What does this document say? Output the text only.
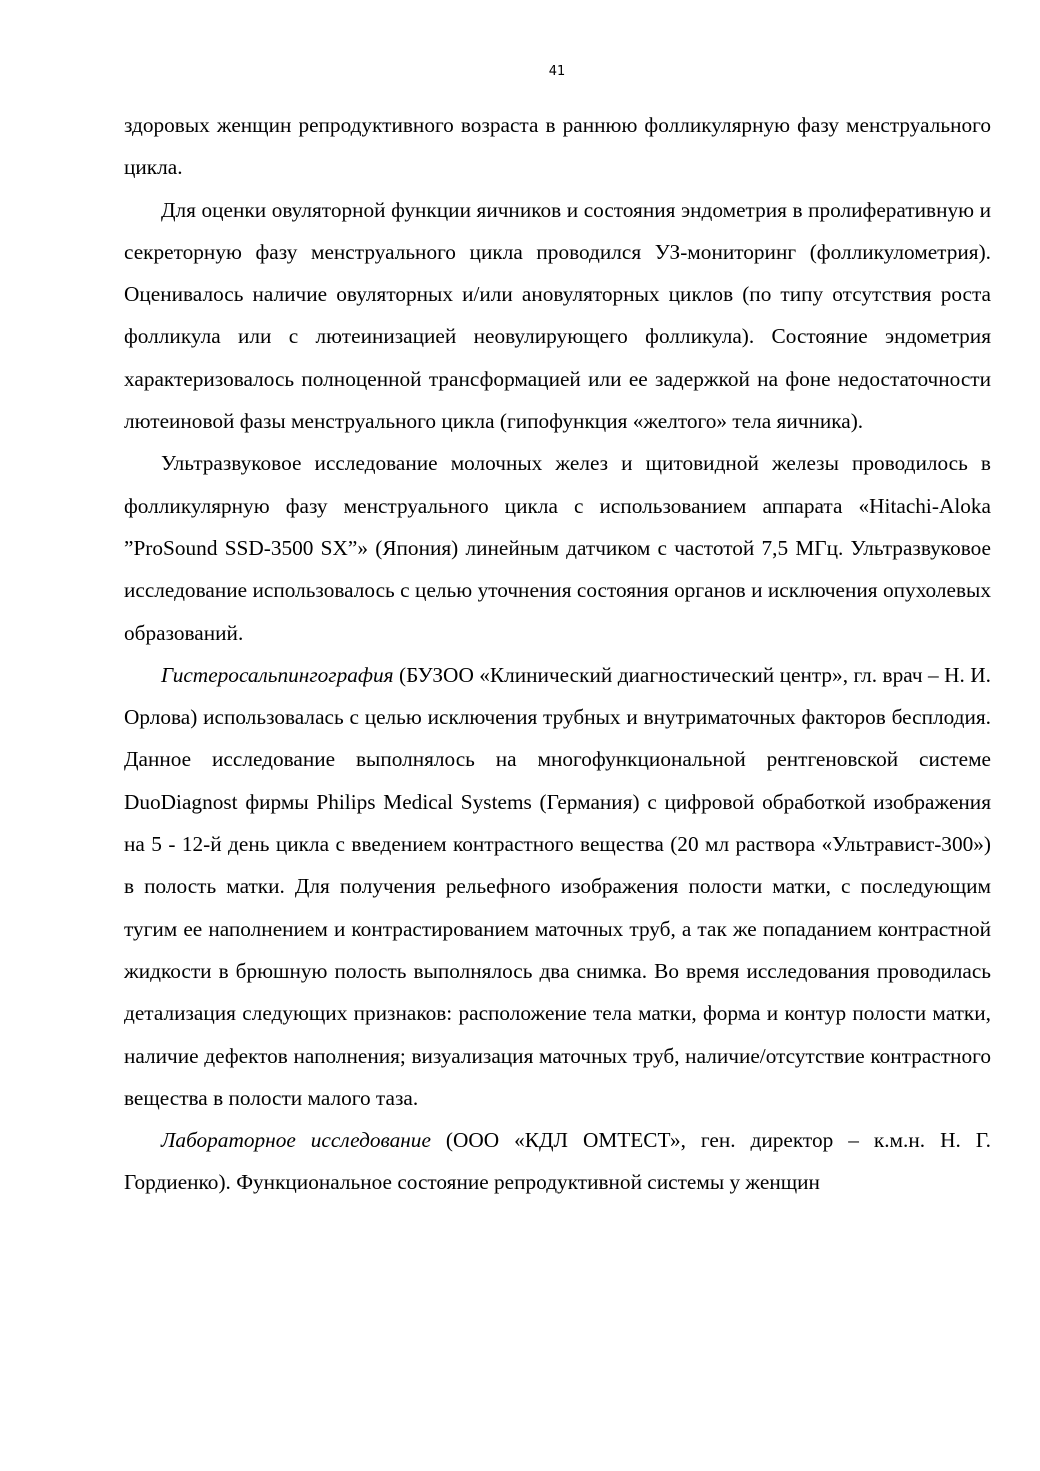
41

здоровых женщин репродуктивного возраста в раннюю фолликулярную фазу менструального цикла.

Для оценки овуляторной функции яичников и состояния эндометрия в пролиферативную и секреторную фазу менструального цикла проводился УЗ-мониторинг (фолликулометрия). Оценивалось наличие овуляторных и/или ановуляторных циклов (по типу отсутствия роста фолликула или с лютеинизацией неовулирующего фолликула). Состояние эндометрия характеризовалось полноценной трансформацией или ее задержкой на фоне недостаточности лютеиновой фазы менструального цикла (гипофункция «желтого» тела яичника).

Ультразвуковое исследование молочных желез и щитовидной железы проводилось в фолликулярную фазу менструального цикла с использованием аппарата «Hitachi-Aloka ”ProSound SSD-3500 SX”» (Япония) линейным датчиком с частотой 7,5 МГц. Ультразвуковое исследование использовалось с целью уточнения состояния органов и исключения опухолевых образований.

Гистеросальпингография (БУЗОО «Клинический диагностический центр», гл. врач – Н. И. Орлова) использовалась с целью исключения трубных и внутриматочных факторов бесплодия. Данное исследование выполнялось на многофункциональной рентгеновской системе DuoDiagnost фирмы Philips Medical Systems (Германия) с цифровой обработкой изображения на 5 - 12-й день цикла с введением контрастного вещества (20 мл раствора «Ультравист-300») в полость матки. Для получения рельефного изображения полости матки, с последующим тугим ее наполнением и контрастированием маточных труб, а так же попаданием контрастной жидкости в брюшную полость выполнялось два снимка. Во время исследования проводилась детализация следующих признаков: расположение тела матки, форма и контур полости матки, наличие дефектов наполнения; визуализация маточных труб, наличие/отсутствие контрастного вещества в полости малого таза.

Лабораторное исследование (ООО «КДЛ ОМТЕСТ», ген. директор – к.м.н. Н. Г. Гордиенко). Функциональное состояние репродуктивной системы у женщин
